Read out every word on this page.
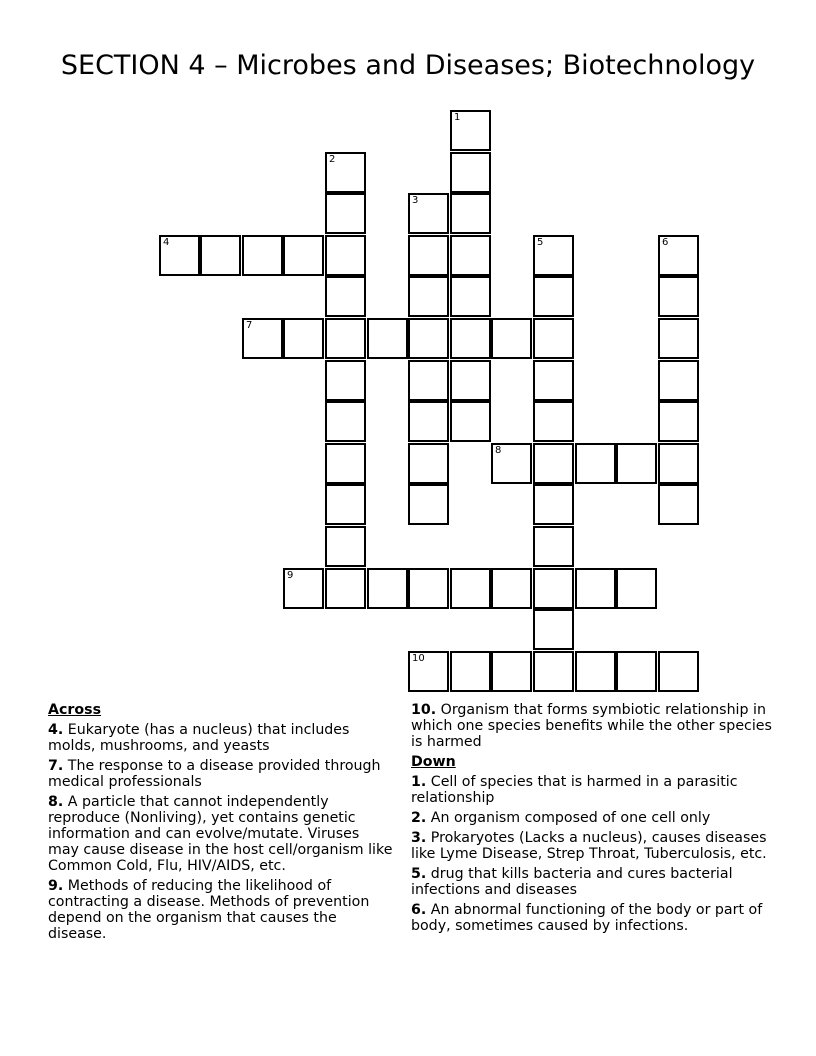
SECTION 4 – Microbes and Diseases; Biotechnology
1
2
3
4	5	6
7
8
9
10
Across
4. Eukaryote (has a nucleus) that includes molds, mushrooms, and yeasts
7. The response to a disease provided through medical professionals
8. A particle that cannot independently reproduce (Nonliving), yet contains genetic information and can evolve/mutate. Viruses may cause disease in the host cell/organism like Common Cold, Flu, HIV/AIDS, etc.
9. Methods of reducing the likelihood of contracting a disease. Methods of prevention depend on the organism that causes the disease.
10. Organism that forms symbiotic relationship in which one species benefits while the other species is harmed
Down
1. Cell of species that is harmed in a parasitic relationship
2. An organism composed of one cell only
3. Prokaryotes (Lacks a nucleus), causes diseases like Lyme Disease, Strep Throat, Tuberculosis, etc.
5. drug that kills bacteria and cures bacterial infections and diseases
6. An abnormal functioning of the body or part of body, sometimes caused by infections.
